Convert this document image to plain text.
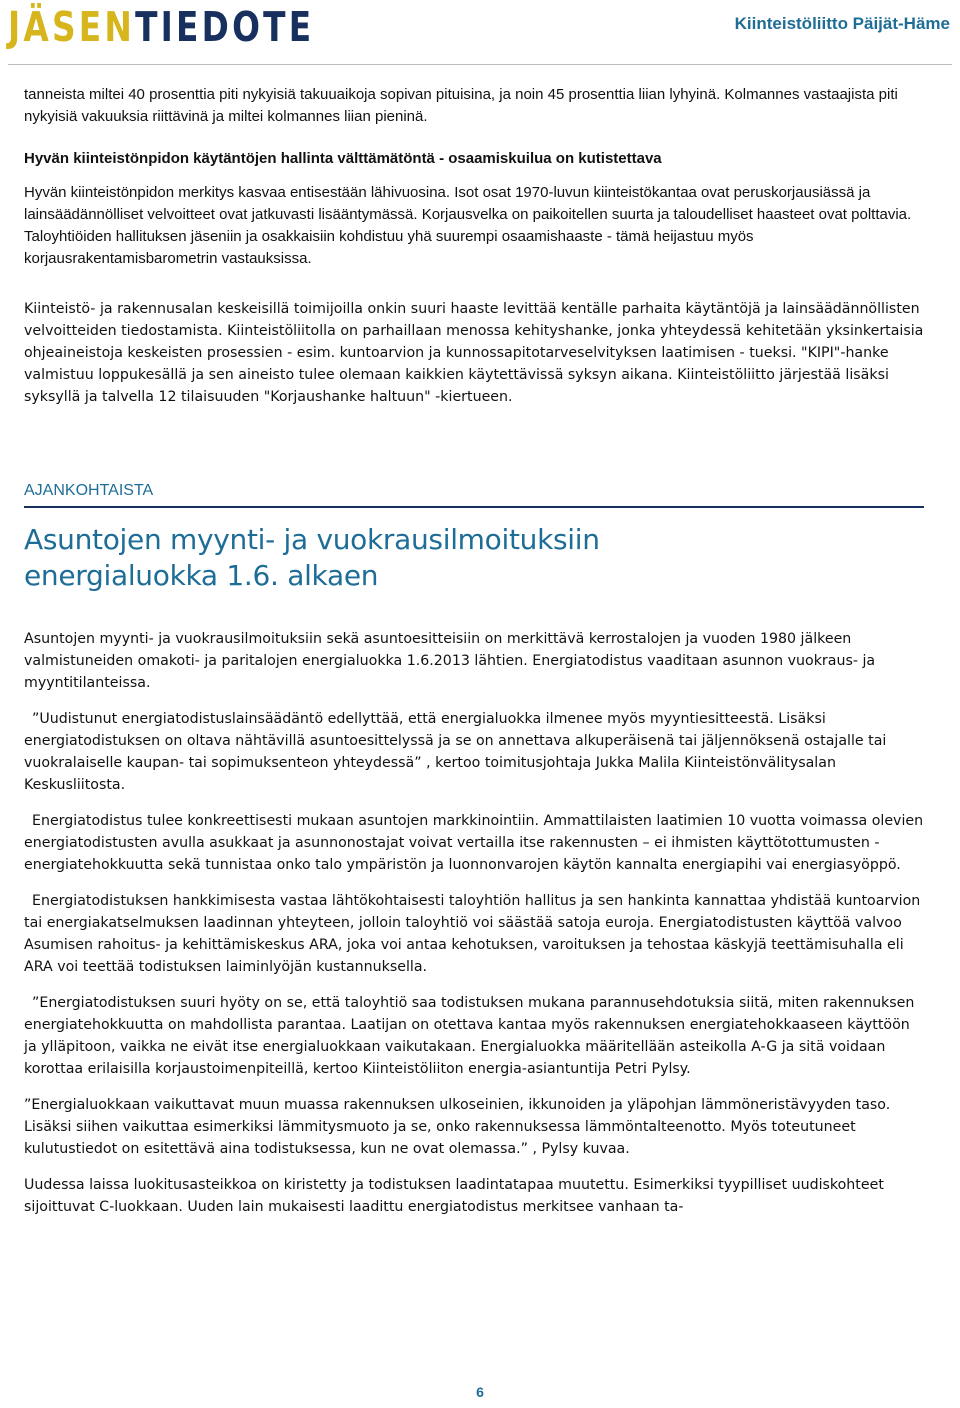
JÄSENTIEDOTE	Kiinteistöliitto Päijät-Häme

tanneista miltei 40 prosenttia piti nykyisiä takuuaikoja sopivan pituisina, ja noin 45 prosenttia liian lyhyinä. Kolmannes vastaajista piti nykyisiä vakuuksia riittävinä ja miltei kolmannes liian pieninä.

Hyvän kiinteistönpidon käytäntöjen hallinta välttämätöntä - osaamiskuilua on kutistettava

Hyvän kiinteistönpidon merkitys kasvaa entisestään lähivuosina. Isot osat 1970-luvun kiinteistökantaa ovat peruskorjausiässä ja lainsäädännölliset velvoitteet ovat jatkuvasti lisääntymässä. Korjausvelka on paikoitellen suurta ja taloudelliset haasteet ovat polttavia. Taloyhtiöiden hallituksen jäseniin ja osakkaisiin kohdistuu yhä suurempi osaamishaaste - tämä heijastuu myös korjausrakentamisbarometrin vastauksissa.

Kiinteistö- ja rakennusalan keskeisillä toimijoilla onkin suuri haaste levittää kentälle parhaita käytäntöjä ja lainsäädännöllisten velvoitteiden tiedostamista. Kiinteistöliitolla on parhaillaan menossa kehityshanke, jonka yhteydessä kehitetään yksinkertaisia ohjeaineistoja keskeisten prosessien - esim. kuntoarvion ja kunnossapitotarveselvityksen laatimisen - tueksi. "KIPI"-hanke valmistuu loppukesällä ja sen aineisto tulee olemaan kaikkien käytettävissä syksyn aikana. Kiinteistöliitto järjestää lisäksi syksyllä ja talvella 12 tilaisuuden "Korjaushanke haltuun" -kiertueen.

AJANKOHTAISTA
Asuntojen myynti- ja vuokrausilmoituksiin
energialuokka 1.6. alkaen

Asuntojen myynti- ja vuokrausilmoituksiin sekä asuntoesitteisiin on merkittävä kerrostalojen ja vuoden 1980 jälkeen valmistuneiden omakoti- ja paritalojen energialuokka 1.6.2013 lähtien. Energiatodistus vaaditaan asunnon vuokraus- ja myyntitilanteissa.

”Uudistunut energiatodistuslainsäädäntö edellyttää, että energialuokka ilmenee myös myyntiesitteestä. Lisäksi energiatodistuksen on oltava nähtävillä asuntoesittelyssä ja se on annettava alkuperäisenä tai jäljennöksenä ostajalle tai vuokralaiselle kaupan- tai sopimuksenteon yhteydessä” , kertoo toimitusjohtaja Jukka Malila Kiinteistönvälitysalan Keskusliitosta.

Energiatodistus tulee konkreettisesti mukaan asuntojen markkinointiin. Ammattilaisten laatimien 10 vuotta voimassa olevien energiatodistusten avulla asukkaat ja asunnonostajat voivat vertailla itse rakennusten – ei ihmisten käyttötottumusten - energiatehokkuutta sekä tunnistaa onko talo ympäristön ja luonnonvarojen käytön kannalta energiapihi vai energiasyöppö.

Energiatodistuksen hankkimisesta vastaa lähtökohtaisesti taloyhtiön hallitus ja sen hankinta kannattaa yhdistää kuntoarvion tai energiakatselmuksen laadinnan yhteyteen, jolloin taloyhtiö voi säästää satoja euroja. Energiatodistusten käyttöä valvoo Asumisen rahoitus- ja kehittämiskeskus ARA, joka voi antaa kehotuksen, varoituksen ja tehostaa käskyjä teettämisuhalla eli ARA voi teettää todistuksen laiminlyöjän kustannuksella.

”Energiatodistuksen suuri hyöty on se, että taloyhtiö saa todistuksen mukana parannusehdotuksia siitä, miten rakennuksen energiatehokkuutta on mahdollista parantaa. Laatijan on otettava kantaa myös rakennuksen energiatehokkaaseen käyttöön ja ylläpitoon, vaikka ne eivät itse energialuokkaan vaikutakaan. Energialuokka määritellään asteikolla A-G ja sitä voidaan korottaa erilaisilla korjaustoimenpiteillä, kertoo Kiinteistöliiton energia-asiantuntija Petri Pylsy.

”Energialuokkaan vaikuttavat muun muassa rakennuksen ulkoseinien, ikkunoiden ja yläpohjan lämmöneristävyyden taso. Lisäksi siihen vaikuttaa esimerkiksi lämmitysmuoto ja se, onko rakennuksessa lämmöntalteenotto. Myös toteutuneet kulutustiedot on esitettävä aina todistuksessa, kun ne ovat olemassa.” , Pylsy kuvaa.

Uudessa laissa luokitusasteikkoa on kiristetty ja todistuksen laadintatapaa muutettu. Esimerkiksi tyypilliset uudiskohteet sijoittuvat C-luokkaan. Uuden lain mukaisesti laadittu energiatodistus merkitsee vanhaan ta-

6
